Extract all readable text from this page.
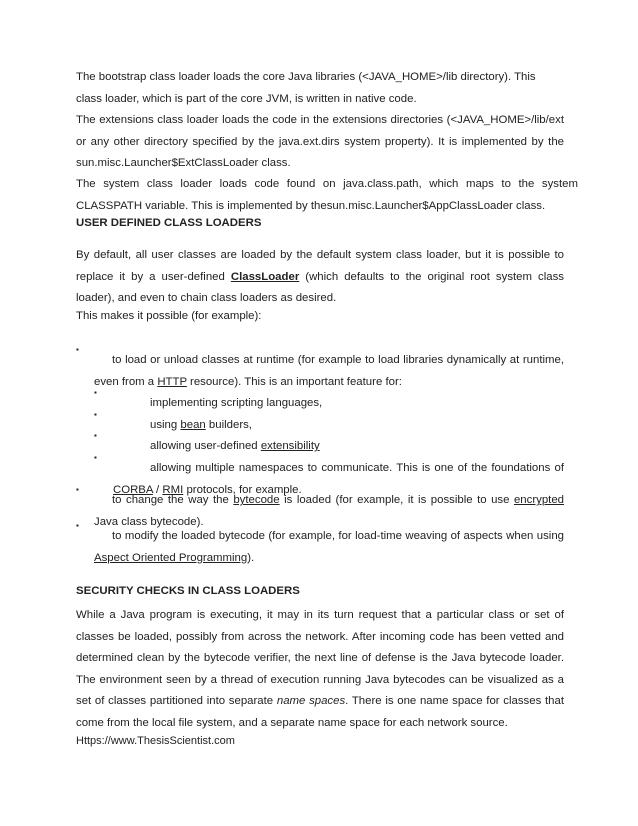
The bootstrap class loader loads the core Java libraries (<JAVA_HOME>/lib directory). This class loader, which is part of the core JVM, is written in native code.

The extensions class loader loads the code in the extensions directories (<JAVA_HOME>/lib/ext or any other directory specified by the java.ext.dirs system property). It is implemented by the sun.misc.Launcher$ExtClassLoader class.

The system class loader loads code found on java.class.path, which maps to the system CLASSPATH variable. This is implemented by thesun.misc.Launcher$AppClassLoader class.

USER DEFINED CLASS LOADERS

By default, all user classes are loaded by the default system class loader, but it is possible to replace it by a user-defined ClassLoader (which defaults to the original root system class loader), and even to chain class loaders as desired.

This makes it possible (for example):

▪

to load or unload classes at runtime (for example to load libraries dynamically at runtime, even from a HTTP resource). This is an important feature for:

▪

implementing scripting languages,

▪

using bean builders,

▪

allowing user-defined extensibility

▪

allowing multiple namespaces to communicate. This is one of the foundations of CORBA / RMI protocols, for example.

▪

to change the way the bytecode is loaded (for example, it is possible to use encrypted Java class bytecode).

▪

to modify the loaded bytecode (for example, for load-time weaving of aspects when using Aspect Oriented Programming).

SECURITY CHECKS IN CLASS LOADERS

While a Java program is executing, it may in its turn request that a particular class or set of classes be loaded, possibly from across the network. After incoming code has been vetted and determined clean by the bytecode verifier, the next line of defense is the Java bytecode loader. The environment seen by a thread of execution running Java bytecodes can be visualized as a set of classes partitioned into separate name spaces. There is one name space for classes that come from the local file system, and a separate name space for each network source.

Https://www.ThesisScientist.com
